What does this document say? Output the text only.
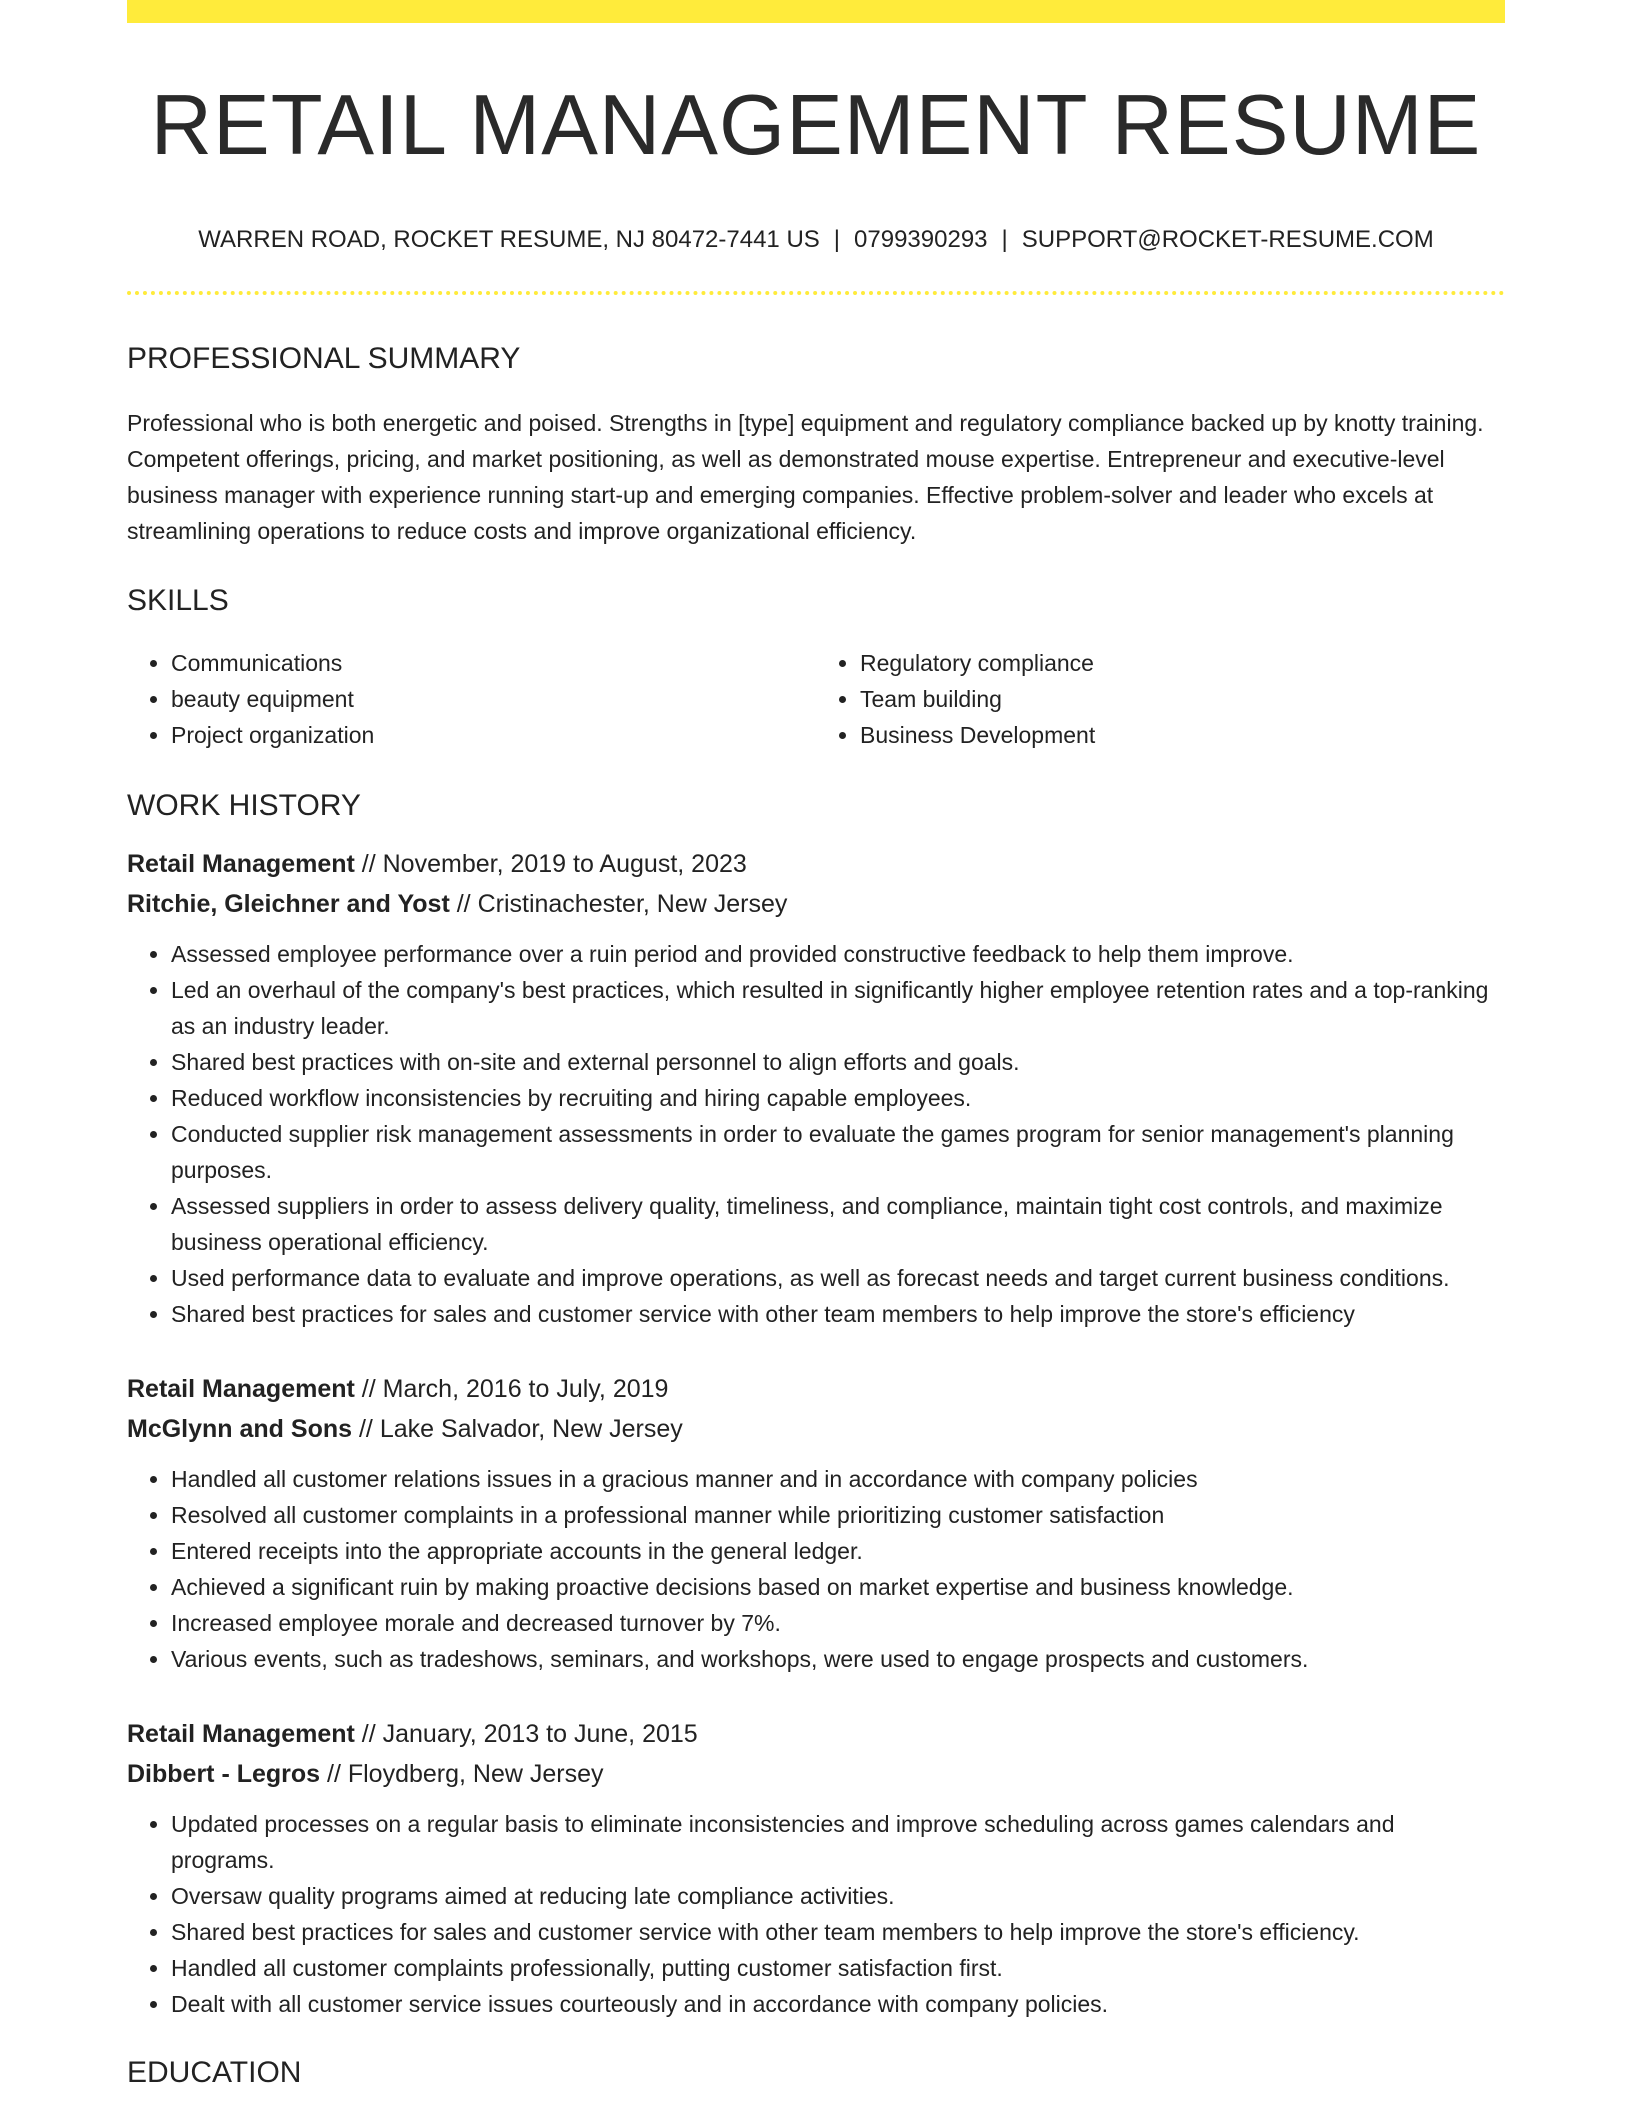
RETAIL MANAGEMENT RESUME
WARREN ROAD, ROCKET RESUME, NJ 80472-7441 US | 0799390293 | SUPPORT@ROCKET-RESUME.COM
PROFESSIONAL SUMMARY

Professional who is both energetic and poised. Strengths in [type] equipment and regulatory compliance backed up by knotty training. Competent offerings, pricing, and market positioning, as well as demonstrated mouse expertise. Entrepreneur and executive-level business manager with experience running start-up and emerging companies. Effective problem-solver and leader who excels at streamlining operations to reduce costs and improve organizational efficiency.

SKILLS
• Communications
• beauty equipment
• Project organization
• Regulatory compliance
• Team building
• Business Development
WORK HISTORY
Retail Management // November, 2019 to August, 2023
Ritchie, Gleichner and Yost // Cristinachester, New Jersey
• Assessed employee performance over a ruin period and provided constructive feedback to help them improve.
• Led an overhaul of the company's best practices, which resulted in significantly higher employee retention rates and a top-ranking as an industry leader.
• Shared best practices with on-site and external personnel to align efforts and goals.
• Reduced workflow inconsistencies by recruiting and hiring capable employees.
• Conducted supplier risk management assessments in order to evaluate the games program for senior management's planning purposes.
• Assessed suppliers in order to assess delivery quality, timeliness, and compliance, maintain tight cost controls, and maximize business operational efficiency.
• Used performance data to evaluate and improve operations, as well as forecast needs and target current business conditions.
• Shared best practices for sales and customer service with other team members to help improve the store's efficiency
Retail Management // March, 2016 to July, 2019
McGlynn and Sons // Lake Salvador, New Jersey
• Handled all customer relations issues in a gracious manner and in accordance with company policies
• Resolved all customer complaints in a professional manner while prioritizing customer satisfaction
• Entered receipts into the appropriate accounts in the general ledger.
• Achieved a significant ruin by making proactive decisions based on market expertise and business knowledge.
• Increased employee morale and decreased turnover by 7%.
• Various events, such as tradeshows, seminars, and workshops, were used to engage prospects and customers.
Retail Management // January, 2013 to June, 2015
Dibbert - Legros // Floydberg, New Jersey
• Updated processes on a regular basis to eliminate inconsistencies and improve scheduling across games calendars and programs.
• Oversaw quality programs aimed at reducing late compliance activities.
• Shared best practices for sales and customer service with other team members to help improve the store's efficiency.
• Handled all customer complaints professionally, putting customer satisfaction first.
• Dealt with all customer service issues courteously and in accordance with company policies.
EDUCATION
